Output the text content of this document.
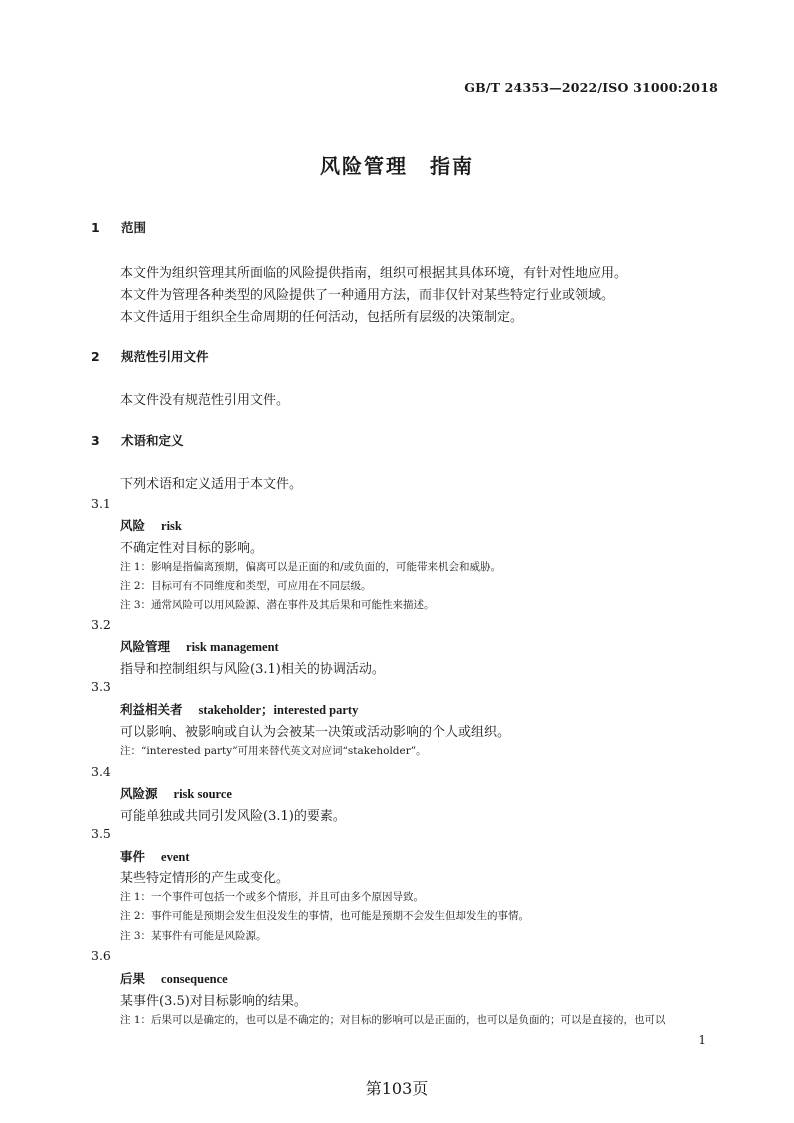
GB/T 24353—2022/ISO 31000:2018
风险管理　指南
1 范围
本文件为组织管理其所面临的风险提供指南，组织可根据其具体环境，有针对性地应用。
本文件为管理各种类型的风险提供了一种通用方法，而非仅针对某些特定行业或领域。
本文件适用于组织全生命周期的任何活动，包括所有层级的决策制定。
2 规范性引用文件
本文件没有规范性引用文件。
3 术语和定义
下列术语和定义适用于本文件。
3.1
风险 risk
不确定性对目标的影响。
注 1：影响是指偏离预期，偏离可以是正面的和/或负面的，可能带来机会和威胁。
注 2：目标可有不同维度和类型，可应用在不同层级。
注 3：通常风险可以用风险源、潜在事件及其后果和可能性来描述。
3.2
风险管理 risk management
指导和控制组织与风险(3.1)相关的协调活动。
3.3
利益相关者 stakeholder；interested party
可以影响、被影响或自认为会被某一决策或活动影响的个人或组织。
注：“interested party”可用来替代英文对应词“stakeholder”。
3.4
风险源 risk source
可能单独或共同引发风险(3.1)的要素。
3.5
事件 event
某些特定情形的产生或变化。
注 1：一个事件可包括一个或多个情形，并且可由多个原因导致。
注 2：事件可能是预期会发生但没发生的事情，也可能是预期不会发生但却发生的事情。
注 3：某事件有可能是风险源。
3.6
后果 consequence
某事件(3.5)对目标影响的结果。
注 1：后果可以是确定的，也可以是不确定的；对目标的影响可以是正面的，也可以是负面的；可以是直接的，也可以
1
第103页
